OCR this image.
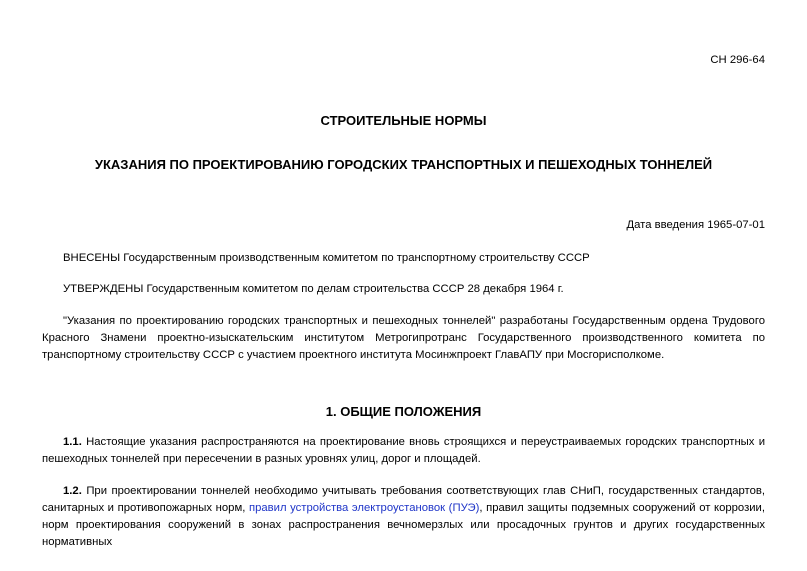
СН 296-64
СТРОИТЕЛЬНЫЕ НОРМЫ
УКАЗАНИЯ ПО ПРОЕКТИРОВАНИЮ ГОРОДСКИХ ТРАНСПОРТНЫХ И ПЕШЕХОДНЫХ ТОННЕЛЕЙ
Дата введения 1965-07-01
ВНЕСЕНЫ Государственным производственным комитетом по транспортному строительству СССР
УТВЕРЖДЕНЫ Государственным комитетом по делам строительства СССР 28 декабря 1964 г.
"Указания по проектированию городских транспортных и пешеходных тоннелей" разработаны Государственным ордена Трудового Красного Знамени проектно-изыскательским институтом Метрогипротранс Государственного производственного комитета по транспортному строительству СССР с участием проектного института Мосинжпроект ГлавАПУ при Мосгорисполкоме.
1. ОБЩИЕ ПОЛОЖЕНИЯ
1.1. Настоящие указания распространяются на проектирование вновь строящихся и переустраиваемых городских транспортных и пешеходных тоннелей при пересечении в разных уровнях улиц, дорог и площадей.
1.2. При проектировании тоннелей необходимо учитывать требования соответствующих глав СНиП, государственных стандартов, санитарных и противопожарных норм, правил устройства электроустановок (ПУЭ), правил защиты подземных сооружений от коррозии, норм проектирования сооружений в зонах распространения вечномерзлых или просадочных грунтов и других государственных нормативных
